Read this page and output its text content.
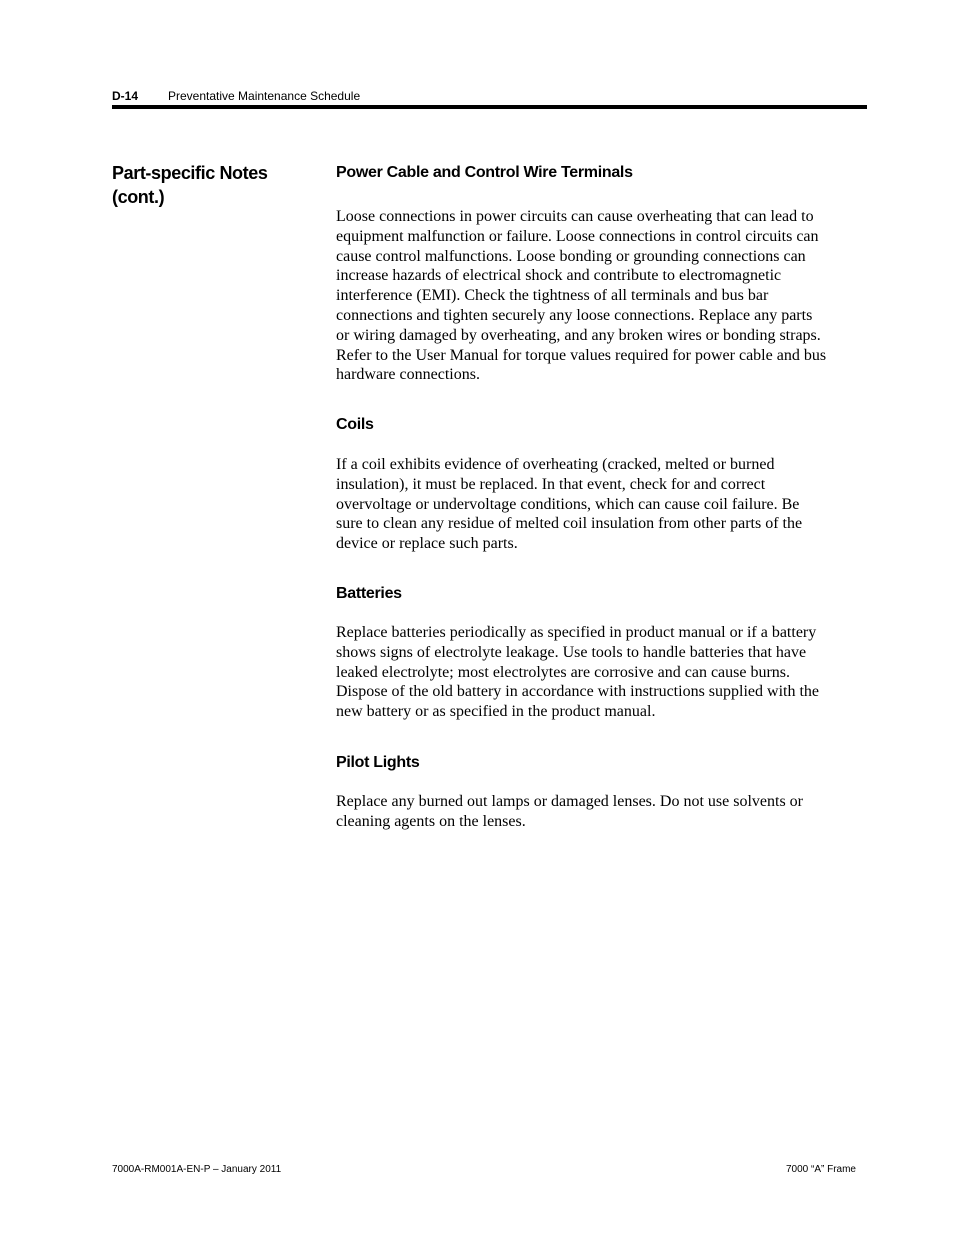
D-14 Preventative Maintenance Schedule
Part-specific Notes
(cont.)
Power Cable and Control Wire Terminals
Loose connections in power circuits can cause overheating that can lead to
equipment malfunction or failure. Loose connections in control circuits can
cause control malfunctions. Loose bonding or grounding connections can
increase hazards of electrical shock and contribute to electromagnetic
interference (EMI). Check the tightness of all terminals and bus bar
connections and tighten securely any loose connections. Replace any parts
or wiring damaged by overheating, and any broken wires or bonding straps.
Refer to the User Manual for torque values required for power cable and bus
hardware connections.
Coils
If a coil exhibits evidence of overheating (cracked, melted or burned
insulation), it must be replaced. In that event, check for and correct
overvoltage or undervoltage conditions, which can cause coil failure. Be
sure to clean any residue of melted coil insulation from other parts of the
device or replace such parts.
Batteries
Replace batteries periodically as specified in product manual or if a battery
shows signs of electrolyte leakage. Use tools to handle batteries that have
leaked electrolyte; most electrolytes are corrosive and can cause burns.
Dispose of the old battery in accordance with instructions supplied with the
new battery or as specified in the product manual.
Pilot Lights
Replace any burned out lamps or damaged lenses. Do not use solvents or
cleaning agents on the lenses.
7000A-RM001A-EN-P – January 2011	7000 “A” Frame
